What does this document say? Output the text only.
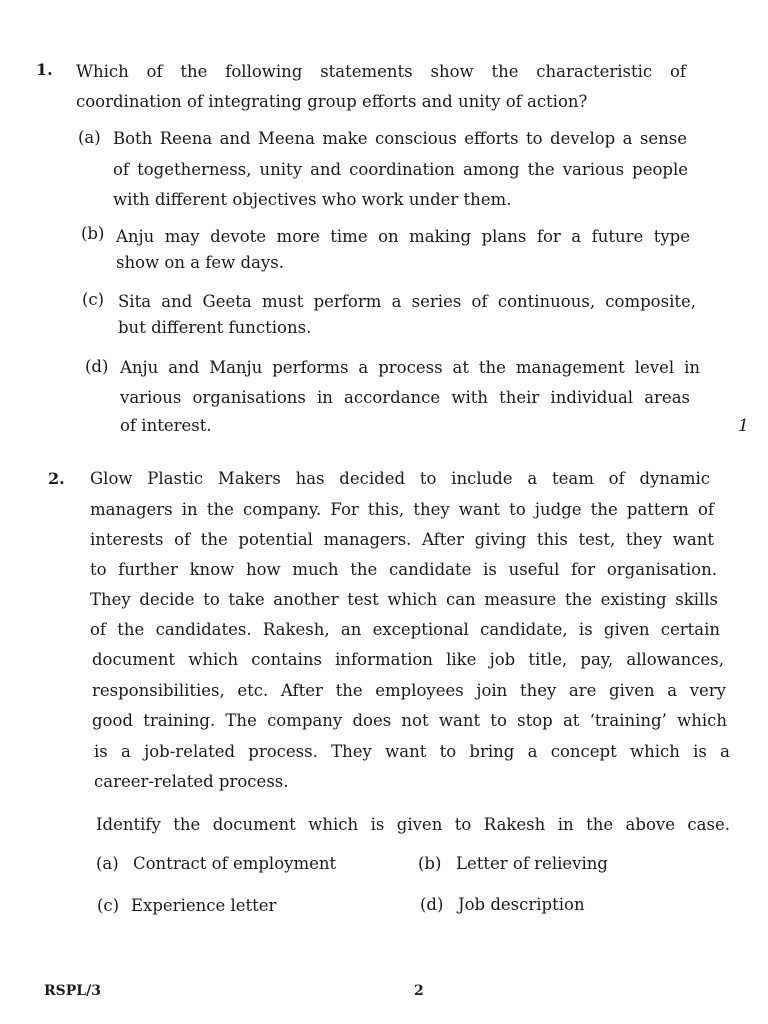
1. Which of the following statements show the characteristic of
coordination of integrating group efforts and unity of action?
(a) Both Reena and Meena make conscious efforts to develop a sense
of togetherness, unity and coordination among the various people
with different objectives who work under them.
(b) Anju may devote more time on making plans for a future type
show on a few days.
(c) Sita and Geeta must perform a series of continuous, composite,
but different functions.
(d) Anju and Manju performs a process at the management level in
various organisations in accordance with their individual areas
of interest.	1
2. Glow Plastic Makers has decided to include a team of dynamic
managers in the company. For this, they want to judge the pattern of
interests of the potential managers. After giving this test, they want
to further know how much the candidate is useful for organisation.
They decide to take another test which can measure the existing skills
of the candidates. Rakesh, an exceptional candidate, is given certain
document which contains information like job title, pay, allowances,
responsibilities, etc. After the employees join they are given a very
good training. The company does not want to stop at ‘training’ which
is a job-related process. They want to bring a concept which is a
career-related process.
Identify the document which is given to Rakesh in the above case.
(a) Contract of employment	(b) Letter of relieving
(c) Experience letter	(d) Job description
RSPL/3	2
